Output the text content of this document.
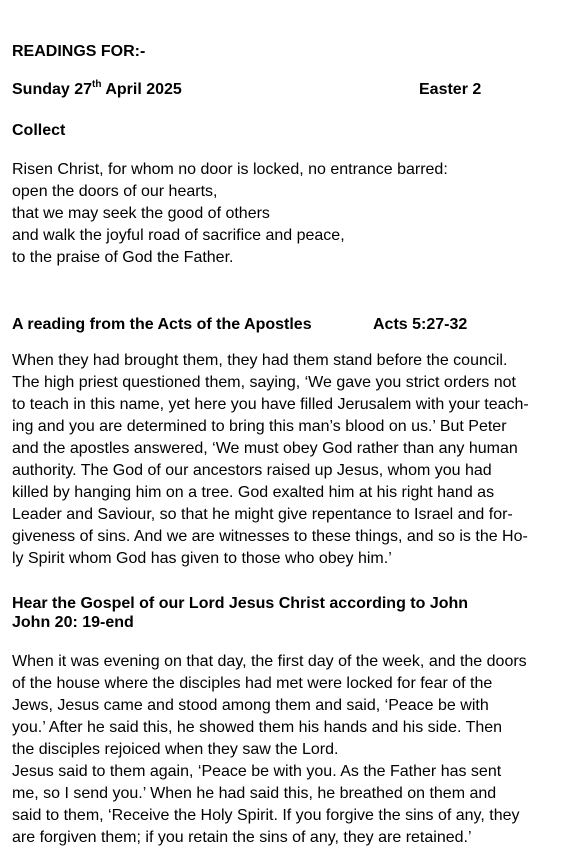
READINGS FOR:-
Sunday 27th April 2025	Easter 2
Collect
Risen Christ, for whom no door is locked, no entrance barred:
open the doors of our hearts,
that we may seek the good of others
and walk the joyful road of sacrifice and peace,
to the praise of God the Father.
A reading from the Acts of the Apostles	Acts 5:27-32
When they had brought them, they had them stand before the council.
The high priest questioned them, saying, ‘We gave you strict orders not
to teach in this name, yet here you have filled Jerusalem with your teach-
ing and you are determined to bring this man’s blood on us.’ But Peter
and the apostles answered, ‘We must obey God rather than any human
authority. The God of our ancestors raised up Jesus, whom you had
killed by hanging him on a tree. God exalted him at his right hand as
Leader and Saviour, so that he might give repentance to Israel and for-
giveness of sins. And we are witnesses to these things, and so is the Ho-
ly Spirit whom God has given to those who obey him.’
Hear the Gospel of our Lord Jesus Christ according to John
John 20: 19-end
When it was evening on that day, the first day of the week, and the doors
of the house where the disciples had met were locked for fear of the
Jews, Jesus came and stood among them and said, ‘Peace be with
you.’ After he said this, he showed them his hands and his side. Then
the disciples rejoiced when they saw the Lord.
Jesus said to them again, ‘Peace be with you. As the Father has sent
me, so I send you.’ When he had said this, he breathed on them and
said to them, ‘Receive the Holy Spirit. If you forgive the sins of any, they
are forgiven them; if you retain the sins of any, they are retained.’
